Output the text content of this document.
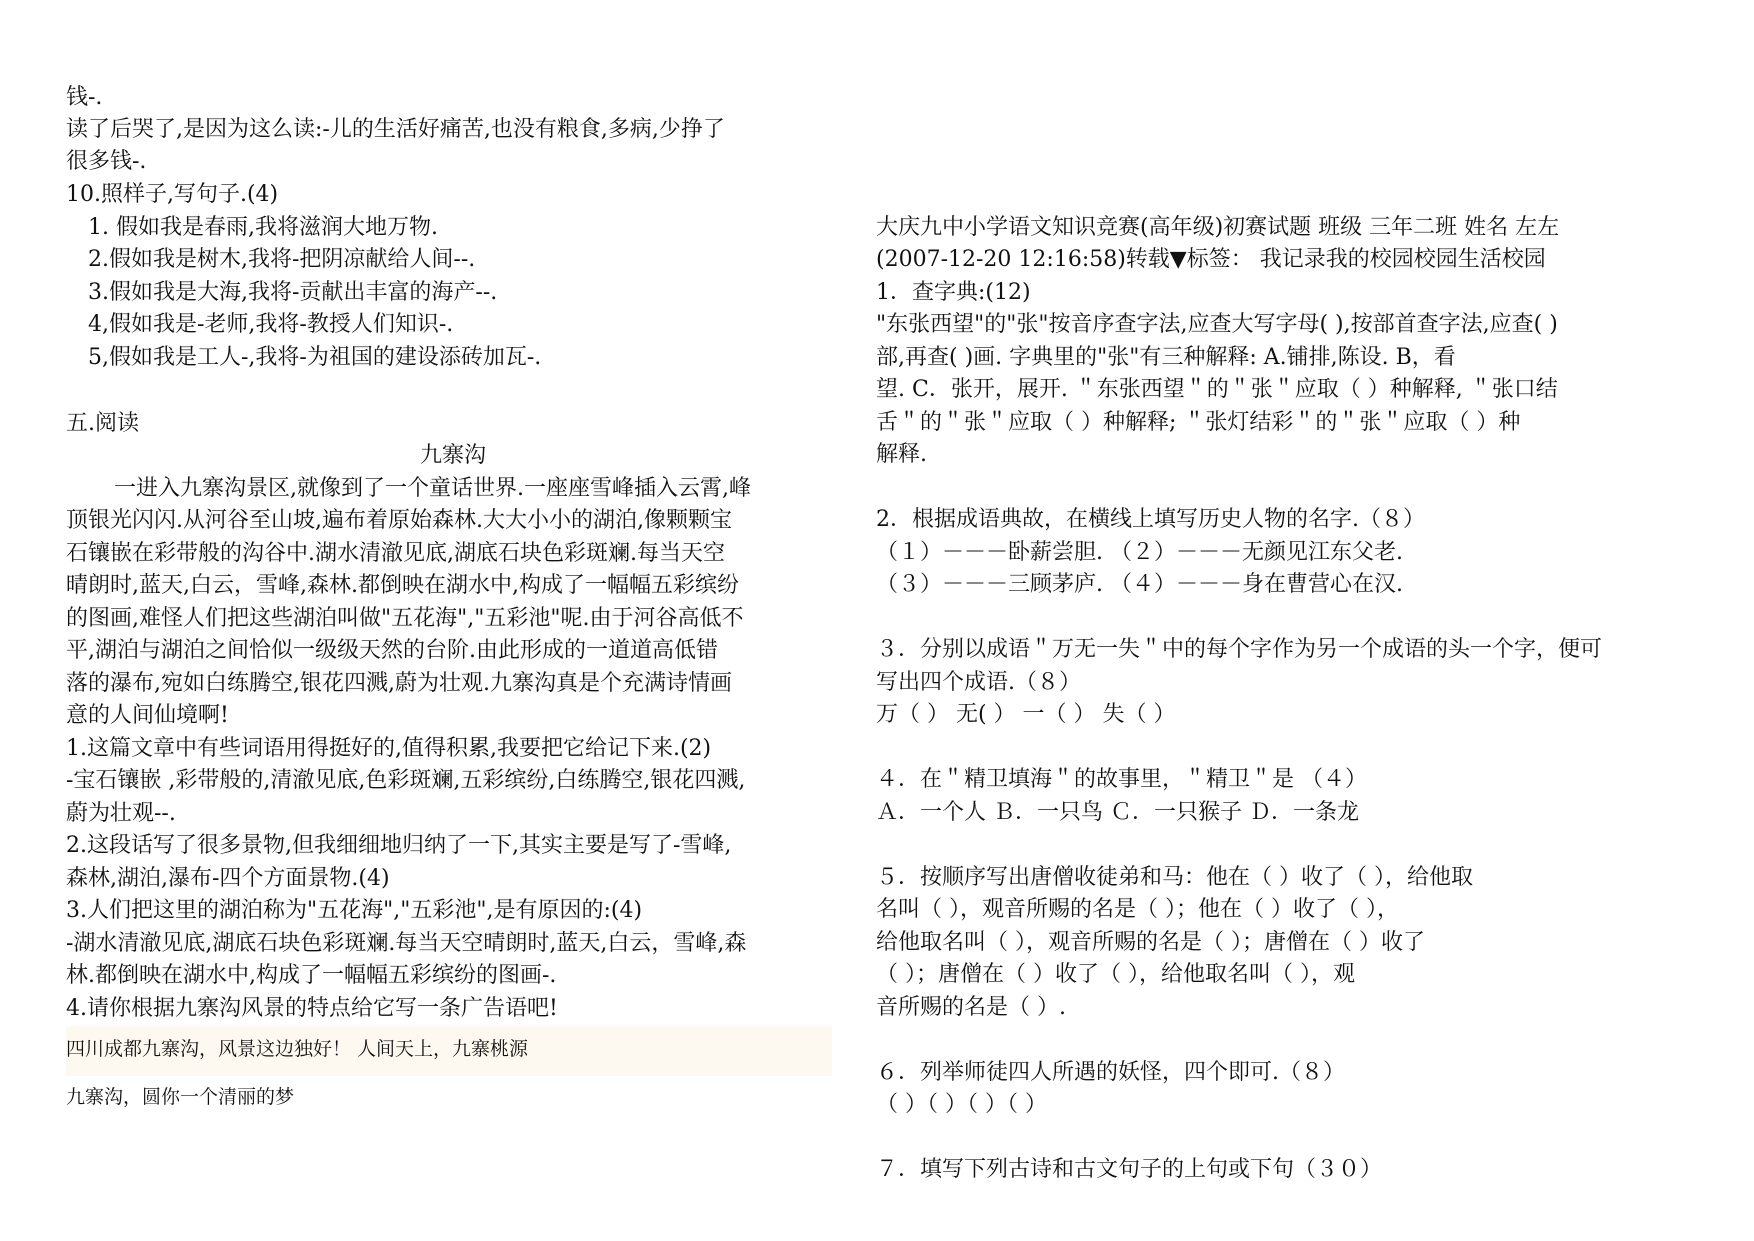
钱-.
读了后哭了,是因为这么读:-儿的生活好痛苦,也没有粮食,多病,少挣了
很多钱-.
10.照样子,写句子.(4)
1. 假如我是春雨,我将滋润大地万物.
2.假如我是树木,我将-把阴凉献给人间--.
3.假如我是大海,我将-贡献出丰富的海产--.
4,假如我是-老师,我将-教授人们知识-.
5,假如我是工人-,我将-为祖国的建设添砖加瓦-.
五.阅读
九寨沟
一进入九寨沟景区,就像到了一个童话世界.一座座雪峰插入云霄,峰
顶银光闪闪.从河谷至山坡,遍布着原始森林.大大小小的湖泊,像颗颗宝
石镶嵌在彩带般的沟谷中.湖水清澈见底,湖底石块色彩斑斓.每当天空
晴朗时,蓝天,白云，雪峰,森林.都倒映在湖水中,构成了一幅幅五彩缤纷
的图画,难怪人们把这些湖泊叫做"五花海","五彩池"呢.由于河谷高低不
平,湖泊与湖泊之间恰似一级级天然的台阶.由此形成的一道道高低错
落的瀑布,宛如白练腾空,银花四溅,蔚为壮观.九寨沟真是个充满诗情画
意的人间仙境啊!
1.这篇文章中有些词语用得挺好的,值得积累,我要把它给记下来.(2)
-宝石镶嵌 ,彩带般的,清澈见底,色彩斑斓,五彩缤纷,白练腾空,银花四溅,
蔚为壮观--.
2.这段话写了很多景物,但我细细地归纳了一下,其实主要是写了-雪峰,
森林,湖泊,瀑布-四个方面景物.(4)
3.人们把这里的湖泊称为"五花海","五彩池",是有原因的:(4)
-湖水清澈见底,湖底石块色彩斑斓.每当天空晴朗时,蓝天,白云，雪峰,森
林.都倒映在湖水中,构成了一幅幅五彩缤纷的图画-.
4.请你根据九寨沟风景的特点给它写一条广告语吧!
四川成都九寨沟，风景这边独好！ 人间天上，九寨桃源
九寨沟，圆你一个清丽的梦
大庆九中小学语文知识竞赛(高年级)初赛试题 班级 三年二班 姓名 左左
(2007-12-20 12:16:58)转载▼标签： 我记录我的校园校园生活校园
1．查字典:(12)
"东张西望"的"张"按音序查字法,应查大写字母( ),按部首查字法,应查( )
部,再查( )画. 字典里的"张"有三种解释: A.铺排,陈设. B，看
望. C．张开，展开. ＂东张西望＂的＂张＂应取（ ）种解释, ＂张口结
舌＂的＂张＂应取（ ）种解释; ＂张灯结彩＂的＂张＂应取（ ）种
解释.
2．根据成语典故，在横线上填写历史人物的名字.（８）
（１）－－－卧薪尝胆. （２）－－－无颜见江东父老.
（３）－－－三顾茅庐. （４）－－－身在曹营心在汉.
３．分别以成语＂万无一失＂中的每个字作为另一个成语的头一个字，便可
写出四个成语.（８）
万（ ） 无( ） 一（ ） 失（ ）
４．在＂精卫填海＂的故事里，＂精卫＂是 （４）
Ａ．一个人 Ｂ．一只鸟 Ｃ．一只猴子 Ｄ．一条龙
５．按顺序写出唐僧收徒弟和马：他在（ ）收了（ ），给他取
名叫（ ），观音所赐的名是（ ）；他在（ ）收了（ ），
给他取名叫（ ），观音所赐的名是（ ）；唐僧在（ ）收了
（ ）；唐僧在（ ）收了（ ），给他取名叫（ ），观
音所赐的名是（ ）.
６．列举师徒四人所遇的妖怪，四个即可.（８）
（ ）（ ）（ ）（ ）
７．填写下列古诗和古文句子的上句或下句（３０）
